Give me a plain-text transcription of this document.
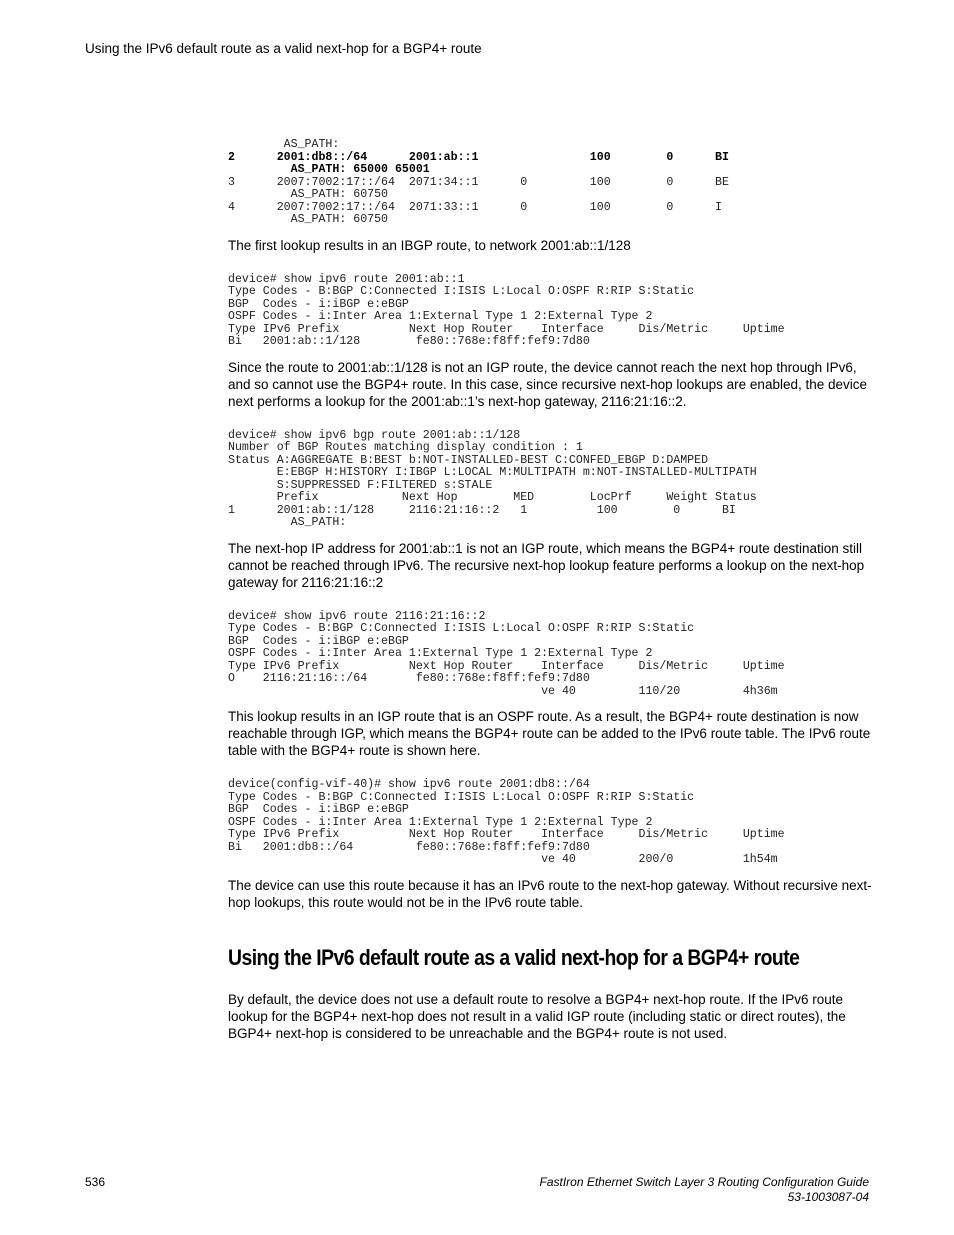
Using the IPv6 default route as a valid next-hop for a BGP4+ route
AS_PATH:
2      2001:db8::/64      2001:ab::1                100        0      BI
AS_PATH: 65000 65001
3      2007:7002:17::/64  2071:34::1      0         100        0      BE
AS_PATH: 60750
4      2007:7002:17::/64  2071:33::1      0         100        0      I
AS_PATH: 60750

The first lookup results in an IBGP route, to network 2001:ab::1/128

device# show ipv6 route 2001:ab::1
Type Codes - B:BGP C:Connected I:ISIS L:Local O:OSPF R:RIP S:Static
BGP  Codes - i:iBGP e:eBGP
OSPF Codes - i:Inter Area 1:External Type 1 2:External Type 2
Type IPv6 Prefix          Next Hop Router    Interface     Dis/Metric     Uptime
Bi   2001:ab::1/128        fe80::768e:f8ff:fef9:7d80

Since the route to 2001:ab::1/128 is not an IGP route, the device cannot reach the next hop through IPv6, and so cannot use the BGP4+ route. In this case, since recursive next-hop lookups are enabled, the device next performs a lookup for the 2001:ab::1’s next-hop gateway, 2116:21:16::2.

device# show ipv6 bgp route 2001:ab::1/128
Number of BGP Routes matching display condition : 1
Status A:AGGREGATE B:BEST b:NOT-INSTALLED-BEST C:CONFED_EBGP D:DAMPED
E:EBGP H:HISTORY I:IBGP L:LOCAL M:MULTIPATH m:NOT-INSTALLED-MULTIPATH
S:SUPPRESSED F:FILTERED s:STALE
Prefix            Next Hop        MED        LocPrf     Weight Status
1      2001:ab::1/128     2116:21:16::2   1          100        0      BI
AS_PATH:

The next-hop IP address for 2001:ab::1 is not an IGP route, which means the BGP4+ route destination still cannot be reached through IPv6. The recursive next-hop lookup feature performs a lookup on the next-hop gateway for 2116:21:16::2

device# show ipv6 route 2116:21:16::2
Type Codes - B:BGP C:Connected I:ISIS L:Local O:OSPF R:RIP S:Static
BGP  Codes - i:iBGP e:eBGP
OSPF Codes - i:Inter Area 1:External Type 1 2:External Type 2
Type IPv6 Prefix          Next Hop Router    Interface     Dis/Metric     Uptime
O    2116:21:16::/64       fe80::768e:f8ff:fef9:7d80
ve 40         110/20         4h36m

This lookup results in an IGP route that is an OSPF route. As a result, the BGP4+ route destination is now reachable through IGP, which means the BGP4+ route can be added to the IPv6 route table. The IPv6 route table with the BGP4+ route is shown here.

device(config-vif-40)# show ipv6 route 2001:db8::/64
Type Codes - B:BGP C:Connected I:ISIS L:Local O:OSPF R:RIP S:Static
BGP  Codes - i:iBGP e:eBGP
OSPF Codes - i:Inter Area 1:External Type 1 2:External Type 2
Type IPv6 Prefix          Next Hop Router    Interface     Dis/Metric     Uptime
Bi   2001:db8::/64         fe80::768e:f8ff:fef9:7d80
ve 40         200/0          1h54m

The device can use this route because it has an IPv6 route to the next-hop gateway. Without recursive next-hop lookups, this route would not be in the IPv6 route table.

Using the IPv6 default route as a valid next-hop for a BGP4+ route

By default, the device does not use a default route to resolve a BGP4+ next-hop route. If the IPv6 route lookup for the BGP4+ next-hop does not result in a valid IGP route (including static or direct routes), the BGP4+ next-hop is considered to be unreachable and the BGP4+ route is not used.

536	FastIron Ethernet Switch Layer 3 Routing Configuration Guide
53-1003087-04
